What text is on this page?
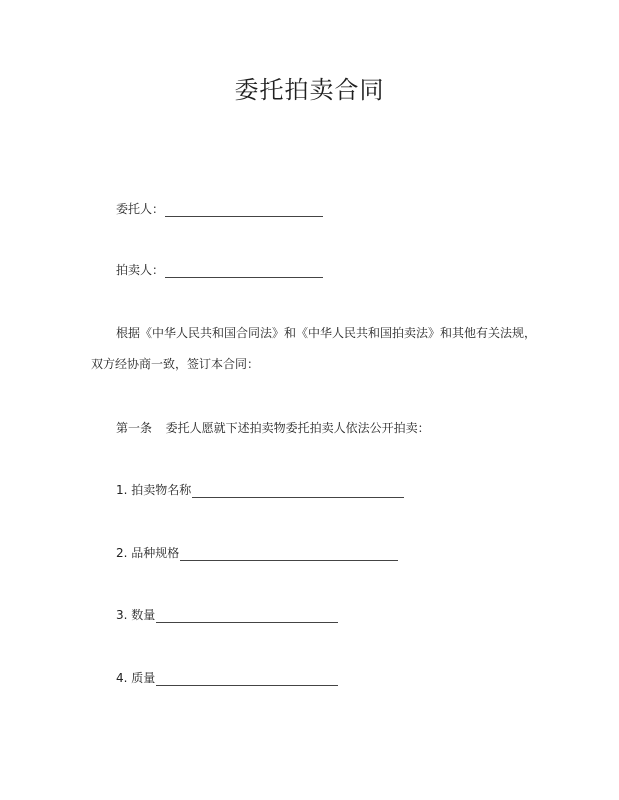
委托拍卖合同
委托人：
拍卖人：
根据《中华人民共和国合同法》和《中华人民共和国拍卖法》和其他有关法规，
双方经协商一致，签订本合同：
第一条 委托人愿就下述拍卖物委托拍卖人依法公开拍卖：
1. 拍卖物名称
2. 品种规格
3. 数量
4. 质量
